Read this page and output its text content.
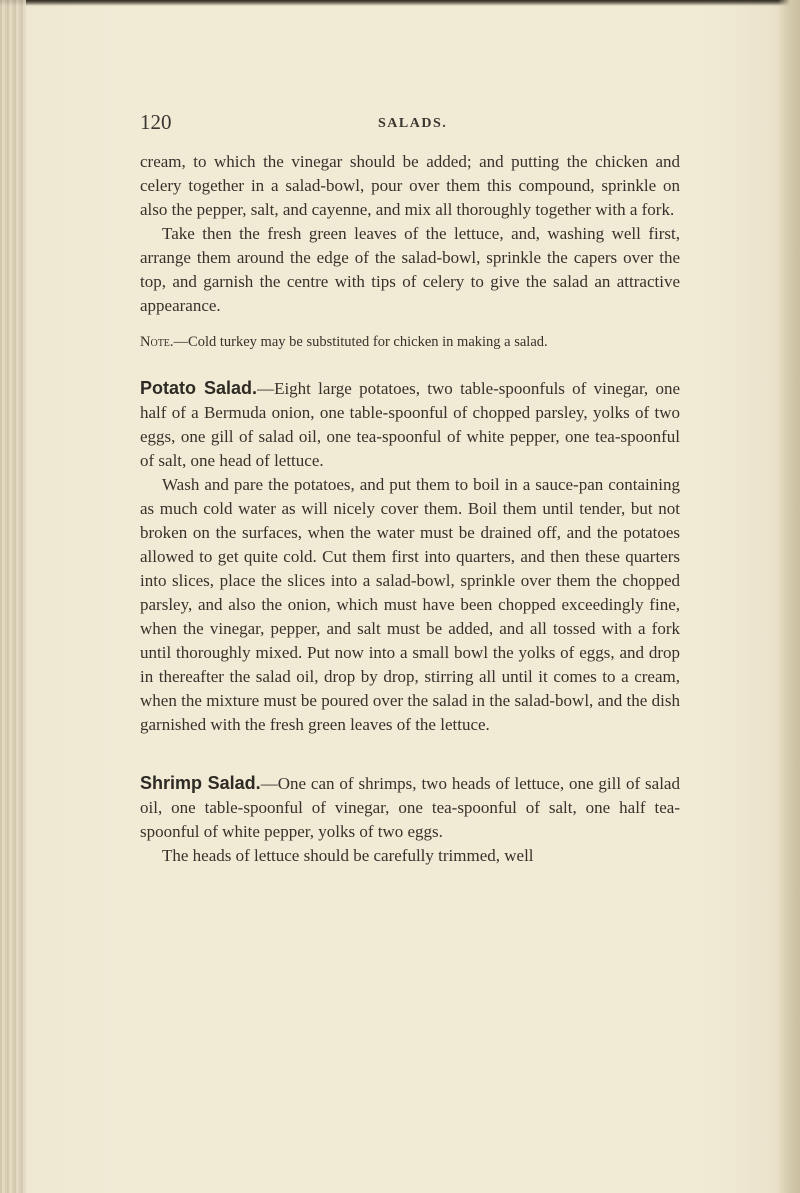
120	SALADS.

cream, to which the vinegar should be added; and putting the chicken and celery together in a salad-bowl, pour over them this compound, sprinkle on also the pepper, salt, and cayenne, and mix all thoroughly together with a fork.

Take then the fresh green leaves of the lettuce, and, washing well first, arrange them around the edge of the salad-bowl, sprinkle the capers over the top, and garnish the centre with tips of celery to give the salad an attractive appearance.

Note.—Cold turkey may be substituted for chicken in making a salad.

Potato Salad.—Eight large potatoes, two table-spoonfuls of vinegar, one half of a Bermuda onion, one table-spoonful of chopped parsley, yolks of two eggs, one gill of salad oil, one tea-spoonful of white pepper, one tea-spoonful of salt, one head of lettuce.

Wash and pare the potatoes, and put them to boil in a sauce-pan containing as much cold water as will nicely cover them. Boil them until tender, but not broken on the surfaces, when the water must be drained off, and the potatoes allowed to get quite cold. Cut them first into quarters, and then these quarters into slices, place the slices into a salad-bowl, sprinkle over them the chopped parsley, and also the onion, which must have been chopped exceedingly fine, when the vinegar, pepper, and salt must be added, and all tossed with a fork until thoroughly mixed. Put now into a small bowl the yolks of eggs, and drop in thereafter the salad oil, drop by drop, stirring all until it comes to a cream, when the mixture must be poured over the salad in the salad-bowl, and the dish garnished with the fresh green leaves of the lettuce.

Shrimp Salad.—One can of shrimps, two heads of lettuce, one gill of salad oil, one table-spoonful of vinegar, one tea-spoonful of salt, one half tea-spoonful of white pepper, yolks of two eggs.

The heads of lettuce should be carefully trimmed, well
